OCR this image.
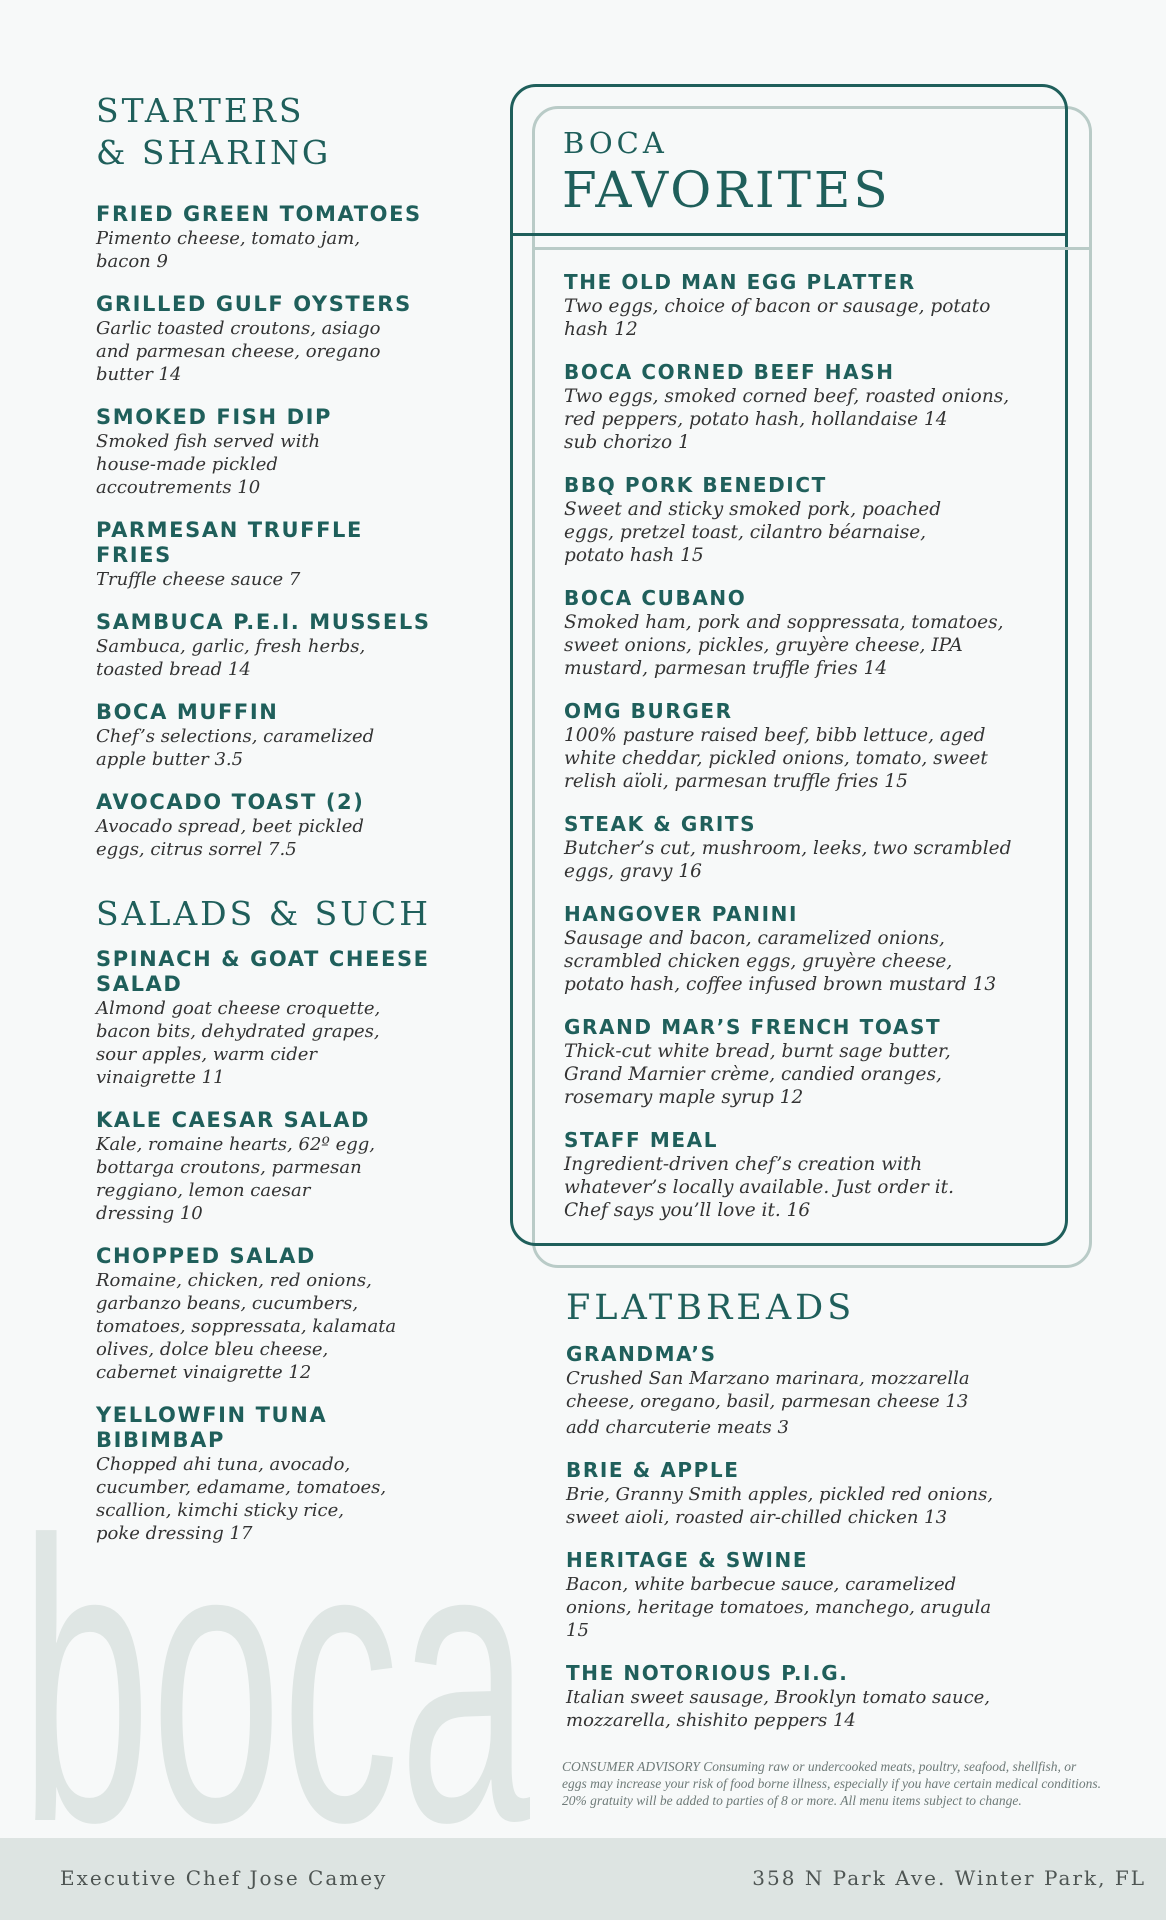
boca
STARTERS
& SHARING
FRIED GREEN TOMATOES
Pimento cheese, tomato jam,
bacon 9
GRILLED GULF OYSTERS
Garlic toasted croutons, asiago
and parmesan cheese, oregano
butter 14
SMOKED FISH DIP
Smoked fish served with
house-made pickled
accoutrements 10
PARMESAN TRUFFLE FRIES
Truffle cheese sauce 7
SAMBUCA P.E.I. MUSSELS
Sambuca, garlic, fresh herbs,
toasted bread 14
BOCA MUFFIN
Chef’s selections, caramelized
apple butter 3.5
AVOCADO TOAST (2)
Avocado spread, beet pickled
eggs, citrus sorrel 7.5
SALADS & SUCH
SPINACH & GOAT CHEESE SALAD
Almond goat cheese croquette,
bacon bits, dehydrated grapes,
sour apples, warm cider
vinaigrette 11
KALE CAESAR SALAD
Kale, romaine hearts, 62º egg,
bottarga croutons, parmesan
reggiano, lemon caesar
dressing 10
CHOPPED SALAD
Romaine, chicken, red onions,
garbanzo beans, cucumbers,
tomatoes, soppressata, kalamata
olives, dolce bleu cheese,
cabernet vinaigrette 12
YELLOWFIN TUNA BIBIMBAP
Chopped ahi tuna, avocado,
cucumber, edamame, tomatoes,
scallion, kimchi sticky rice,
poke dressing 17
BOCA
FAVORITES
THE OLD MAN EGG PLATTER
Two eggs, choice of bacon or sausage, potato
hash 12
BOCA CORNED BEEF HASH
Two eggs, smoked corned beef, roasted onions,
red peppers, potato hash, hollandaise 14
sub chorizo 1
BBQ PORK BENEDICT
Sweet and sticky smoked pork, poached
eggs, pretzel toast, cilantro béarnaise,
potato hash 15
BOCA CUBANO
Smoked ham, pork and soppressata, tomatoes,
sweet onions, pickles, gruyère cheese, IPA
mustard, parmesan truffle fries 14
OMG BURGER
100% pasture raised beef, bibb lettuce, aged
white cheddar, pickled onions, tomato, sweet
relish aïoli, parmesan truffle fries 15
STEAK & GRITS
Butcher’s cut, mushroom, leeks, two scrambled
eggs, gravy 16
HANGOVER PANINI
Sausage and bacon, caramelized onions,
scrambled chicken eggs, gruyère cheese,
potato hash, coffee infused brown mustard 13
GRAND MAR’S FRENCH TOAST
Thick-cut white bread, burnt sage butter,
Grand Marnier crème, candied oranges,
rosemary maple syrup 12
STAFF MEAL
Ingredient-driven chef’s creation with
whatever’s locally available. Just order it.
Chef says you’ll love it. 16
FLATBREADS
GRANDMA’S
Crushed San Marzano marinara, mozzarella
cheese, oregano, basil, parmesan cheese 13
add charcuterie meats 3
BRIE & APPLE
Brie, Granny Smith apples, pickled red onions,
sweet aioli, roasted air-chilled chicken 13
HERITAGE & SWINE
Bacon, white barbecue sauce, caramelized
onions, heritage tomatoes, manchego, arugula
15
THE NOTORIOUS P.I.G.
Italian sweet sausage, Brooklyn tomato sauce,
mozzarella, shishito peppers 14
CONSUMER ADVISORY Consuming raw or undercooked meats, poultry, seafood, shellfish, or eggs may increase your risk of food borne illness, especially if you have certain medical conditions. 20% gratuity will be added to parties of 8 or more. All menu items subject to change.
Executive Chef Jose Camey	358 N Park Ave. Winter Park, FL
